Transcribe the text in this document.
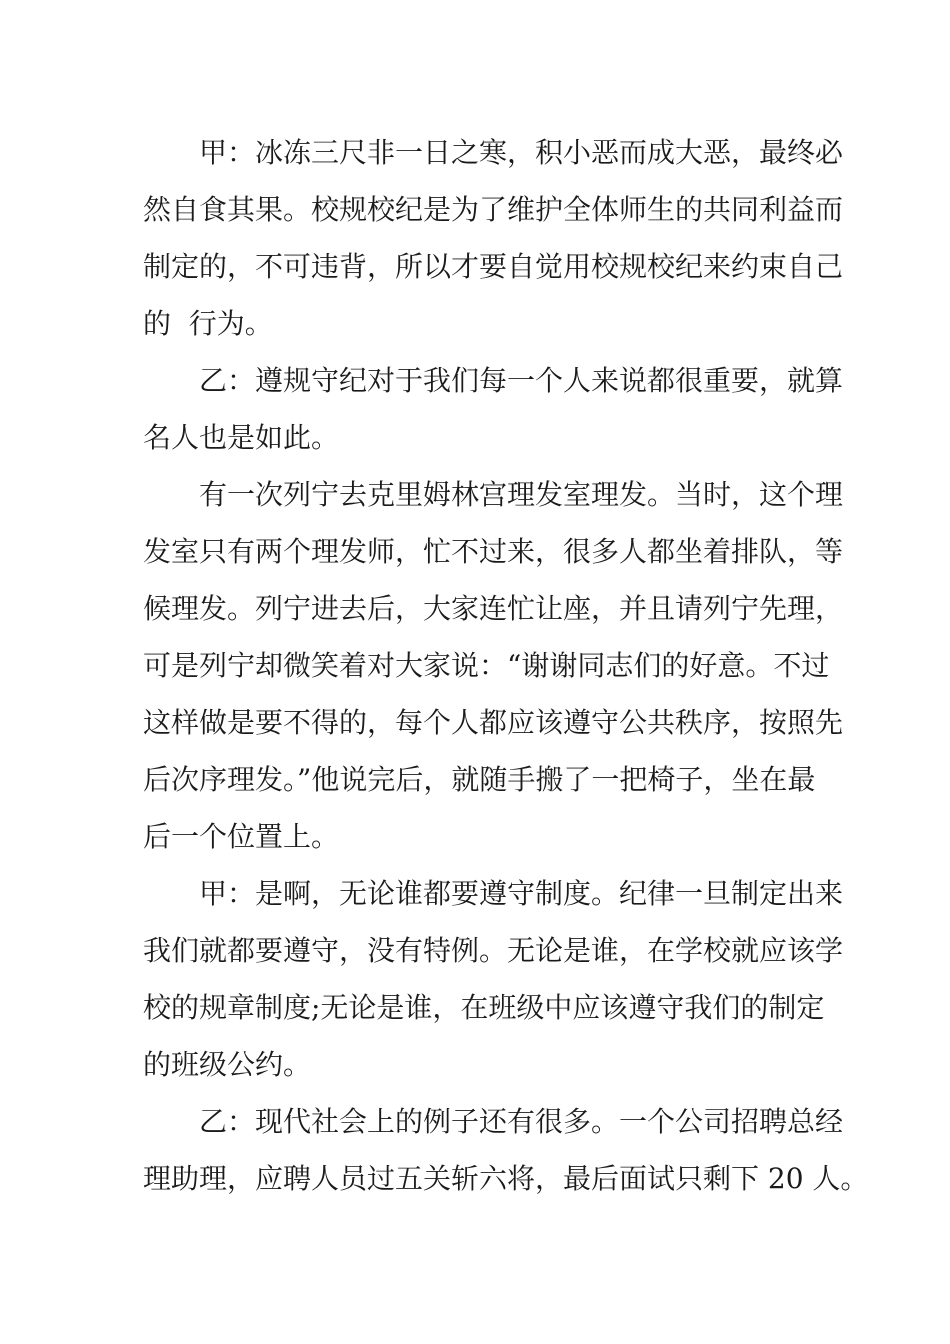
甲：冰冻三尺非一日之寒，积小恶而成大恶，最终必

然自食其果。校规校纪是为了维护全体师生的共同利益而

制定的，不可违背，所以才要自觉用校规校纪来约束自己

的  行为。

乙：遵规守纪对于我们每一个人来说都很重要，就算

名人也是如此。

有一次列宁去克里姆林宫理发室理发。当时，这个理

发室只有两个理发师，忙不过来，很多人都坐着排队，等

候理发。列宁进去后，大家连忙让座，并且请列宁先理，

可是列宁却微笑着对大家说：“谢谢同志们的好意。不过

这样做是要不得的，每个人都应该遵守公共秩序，按照先

后次序理发。”他说完后，就随手搬了一把椅子，坐在最

后一个位置上。

甲：是啊，无论谁都要遵守制度。纪律一旦制定出来

我们就都要遵守，没有特例。无论是谁，在学校就应该学

校的规章制度;无论是谁，在班级中应该遵守我们的制定

的班级公约。

乙：现代社会上的例子还有很多。一个公司招聘总经

理助理，应聘人员过五关斩六将，最后面试只剩下 20 人。
